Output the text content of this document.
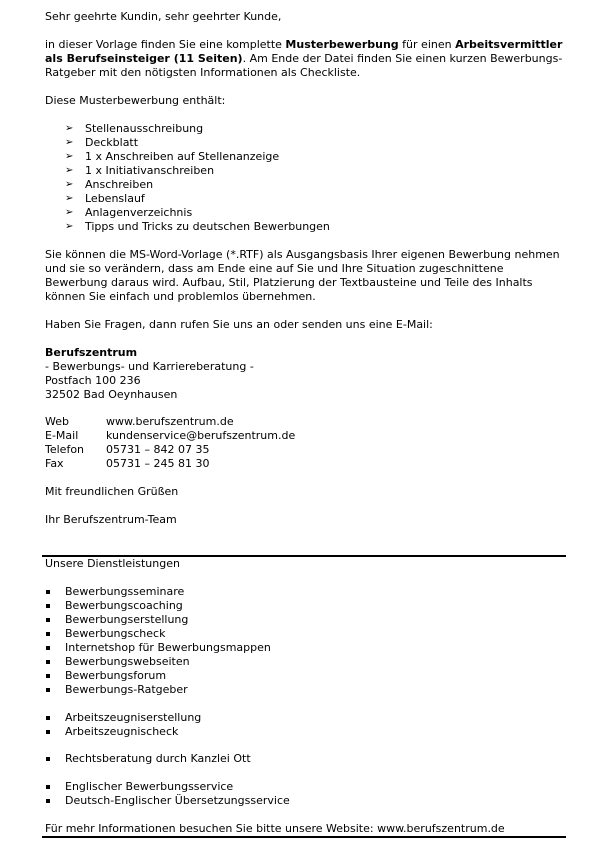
Sehr geehrte Kundin, sehr geehrter Kunde,

in dieser Vorlage finden Sie eine komplette Musterbewerbung für einen Arbeitsvermittler als Berufseinsteiger (11 Seiten). Am Ende der Datei finden Sie einen kurzen Bewerbungs-Ratgeber mit den nötigsten Informationen als Checkliste.

Diese Musterbewerbung enthält:

➢ Stellenausschreibung
➢ Deckblatt
➢ 1 x Anschreiben auf Stellenanzeige
➢ 1 x Initiativanschreiben
➢ Anschreiben
➢ Lebenslauf
➢ Anlagenverzeichnis
➢ Tipps und Tricks zu deutschen Bewerbungen

Sie können die MS-Word-Vorlage (*.RTF) als Ausgangsbasis Ihrer eigenen Bewerbung nehmen und sie so verändern, dass am Ende eine auf Sie und Ihre Situation zugeschnittene Bewerbung daraus wird. Aufbau, Stil, Platzierung der Textbausteine und Teile des Inhalts können Sie einfach und problemlos übernehmen.

Haben Sie Fragen, dann rufen Sie uns an oder senden uns eine E-Mail:

Berufszentrum

- Bewerbungs- und Karriereberatung -

Postfach 100 236

32502 Bad Oeynhausen

Web	www.berufszentrum.de
E-Mail	kundenservice@berufszentrum.de
Telefon	05731 – 842 07 35
Fax	05731 – 245 81 30

Mit freundlichen Grüßen

Ihr Berufszentrum-Team

Unsere Dienstleistungen

Bewerbungsseminare
Bewerbungscoaching
Bewerbungserstellung
Bewerbungscheck
Internetshop für Bewerbungsmappen
Bewerbungswebseiten
Bewerbungsforum
Bewerbungs-Ratgeber
Arbeitszeugniserstellung
Arbeitszeugnischeck
Rechtsberatung durch Kanzlei Ott
Englischer Bewerbungsservice
Deutsch-Englischer Übersetzungsservice

Für mehr Informationen besuchen Sie bitte unsere Website: www.berufszentrum.de
